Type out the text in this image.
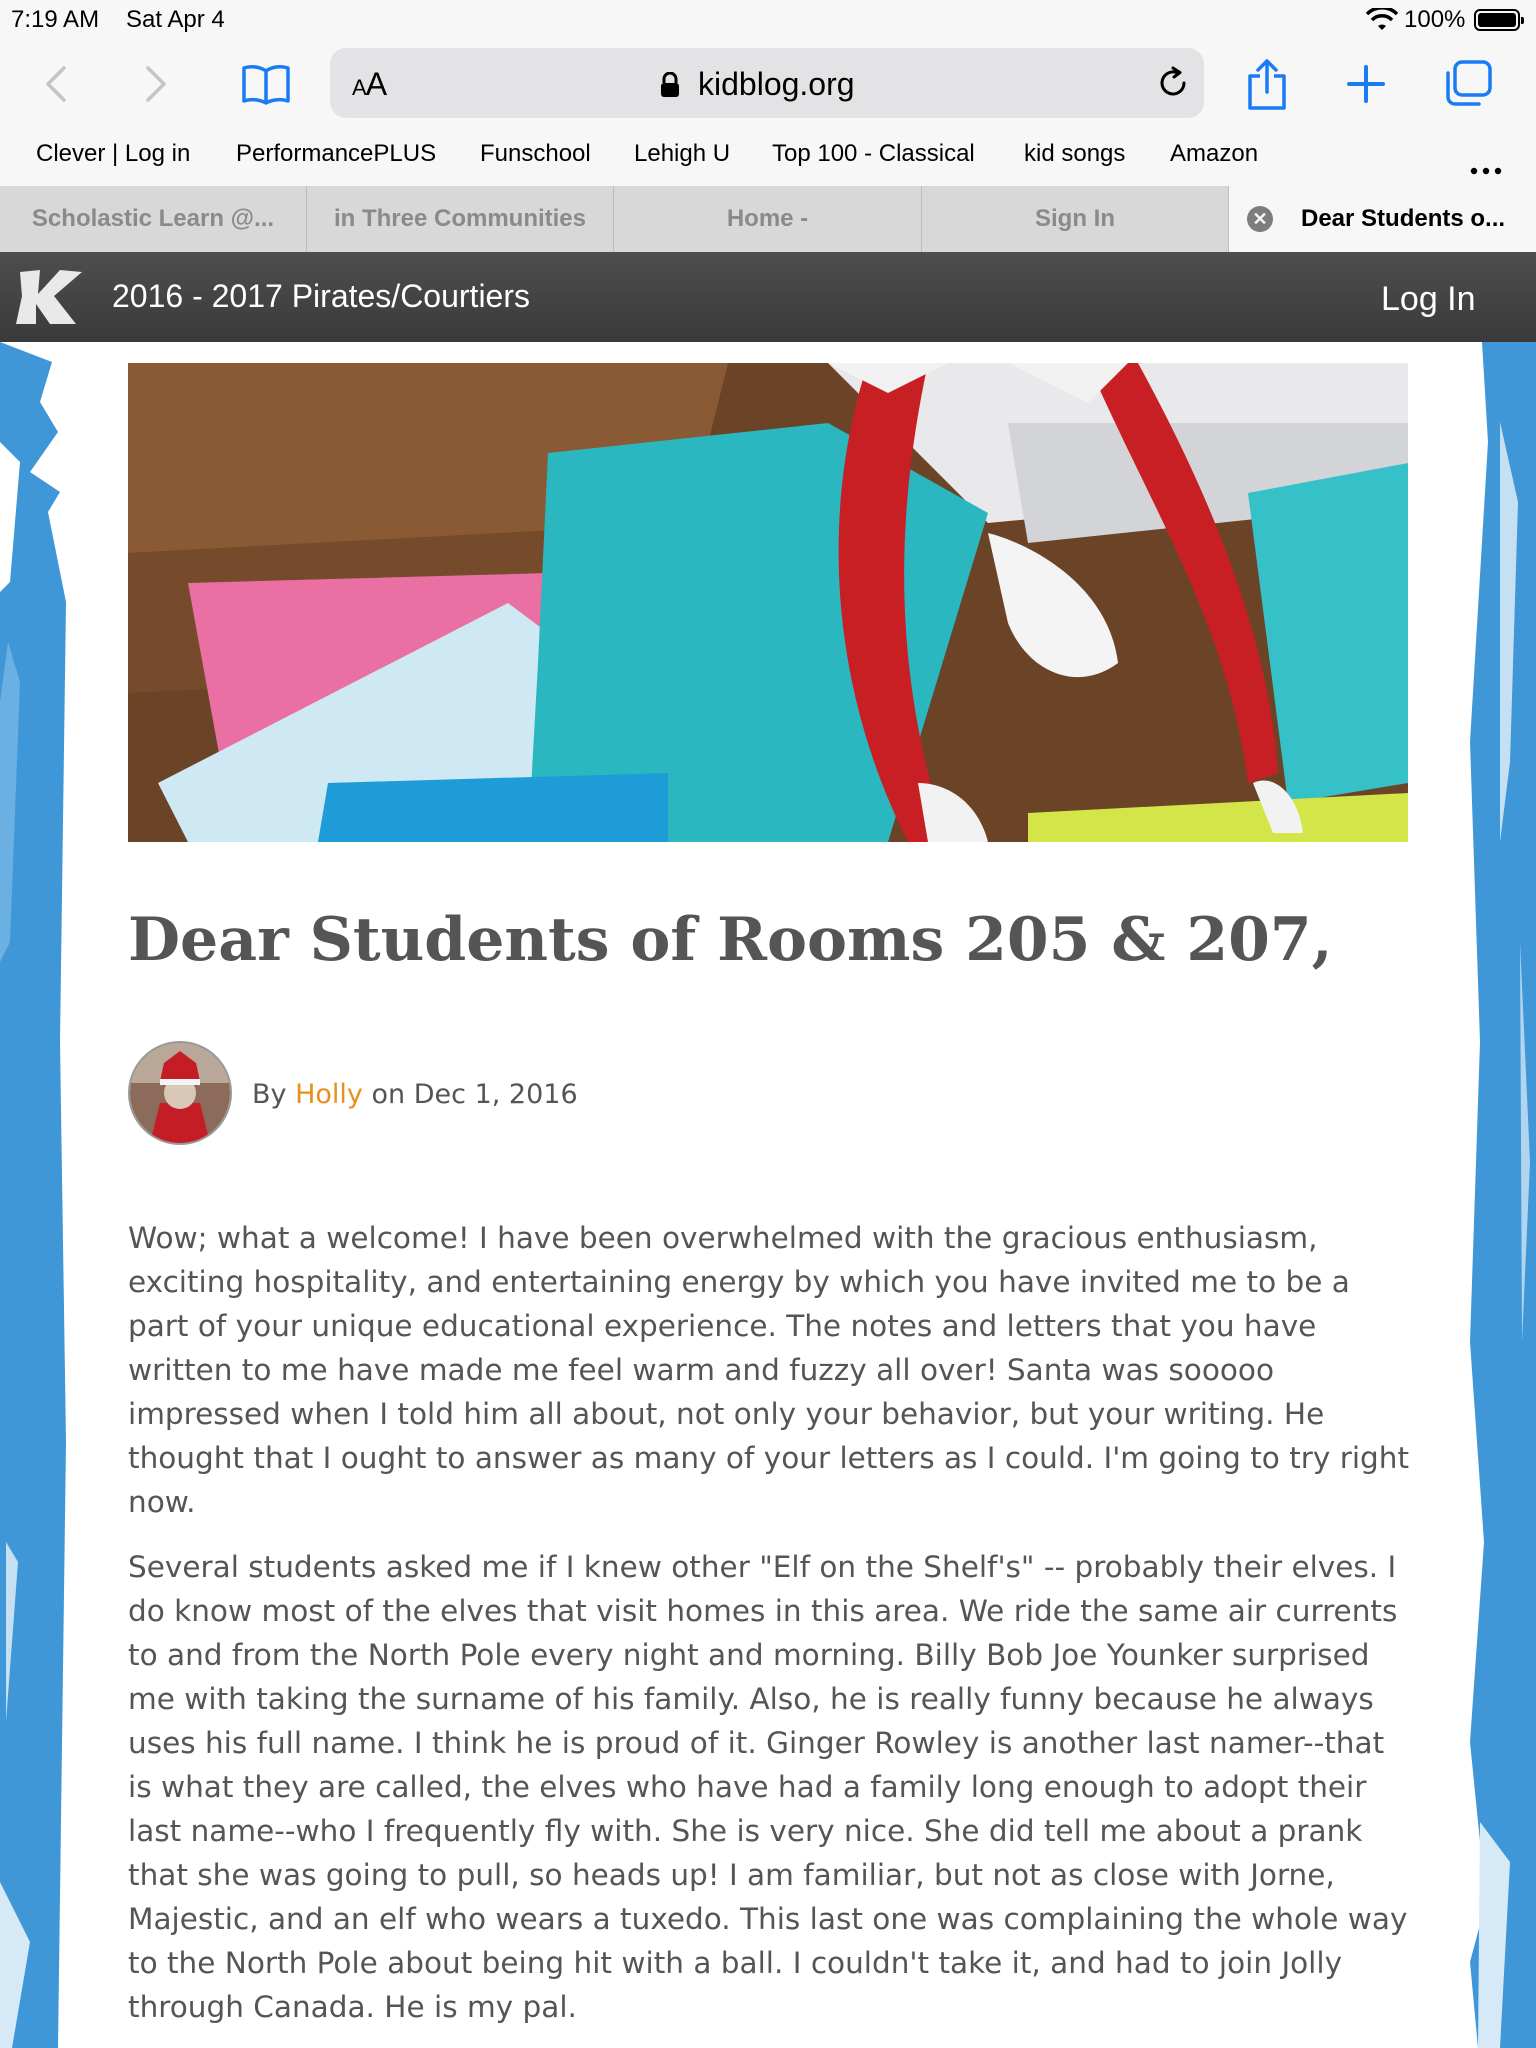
7:19 AM Sat Apr 4	100%
AA	kidblog.org
Clever | Log in PerformancePLUS Funschool Lehigh U Top 100 - Classical kid songs Amazon
Scholastic Learn @... in Three Communities	Home -	Sign In	✕ Dear Students o...
2016 - 2017 Pirates/Courtiers	Log In
Dear Students of Rooms 205 & 207,
By Holly on Dec 1, 2016

Wow; what a welcome! I have been overwhelmed with the gracious enthusiasm, exciting hospitality, and entertaining energy by which you have invited me to be a part of your unique educational experience. The notes and letters that you have written to me have made me feel warm and fuzzy all over! Santa was sooooo impressed when I told him all about, not only your behavior, but your writing. He thought that I ought to answer as many of your letters as I could. I'm going to try right now.

Several students asked me if I knew other "Elf on the Shelf's" -- probably their elves. I do know most of the elves that visit homes in this area. We ride the same air currents to and from the North Pole every night and morning. Billy Bob Joe Younker surprised me with taking the surname of his family. Also, he is really funny because he always uses his full name. I think he is proud of it. Ginger Rowley is another last namer--that is what they are called, the elves who have had a family long enough to adopt their last name--who I frequently fly with. She is very nice. She did tell me about a prank that she was going to pull, so heads up! I am familiar, but not as close with Jorne, Majestic, and an elf who wears a tuxedo. This last one was complaining the whole way to the North Pole about being hit with a ball. I couldn't take it, and had to join Jolly through Canada. He is my pal.
